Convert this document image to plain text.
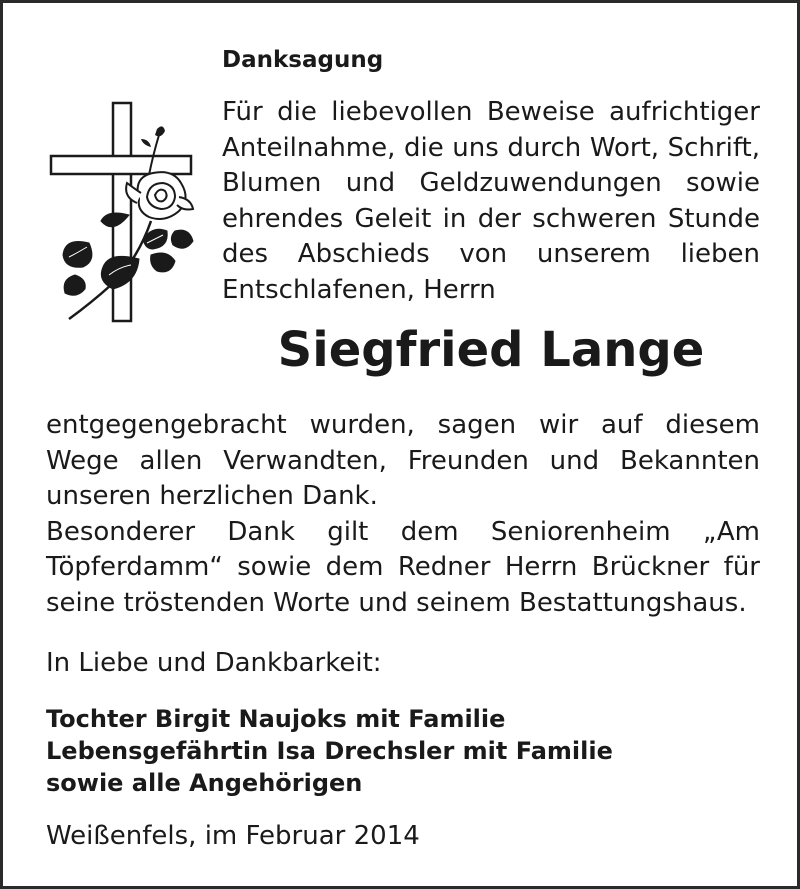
Danksagung

Für die liebevollen Beweise aufrichtiger Anteilnahme, die uns durch Wort, Schrift, Blumen und Geldzuwendungen sowie ehrendes Geleit in der schweren Stunde des Abschieds von unserem lieben Entschlafenen, Herrn

Siegfried Lange

entgegengebracht wurden, sagen wir auf diesem Wege allen Verwandten, Freunden und Bekannten unseren herzlichen Dank.
Besonderer Dank gilt dem Seniorenheim „Am Töpferdamm“ sowie dem Redner Herrn Brückner für seine tröstenden Worte und seinem Bestattungshaus.

In Liebe und Dankbarkeit:

Tochter Birgit Naujoks mit Familie
Lebensgefährtin Isa Drechsler mit Familie
sowie alle Angehörigen

Weißenfels, im Februar 2014
